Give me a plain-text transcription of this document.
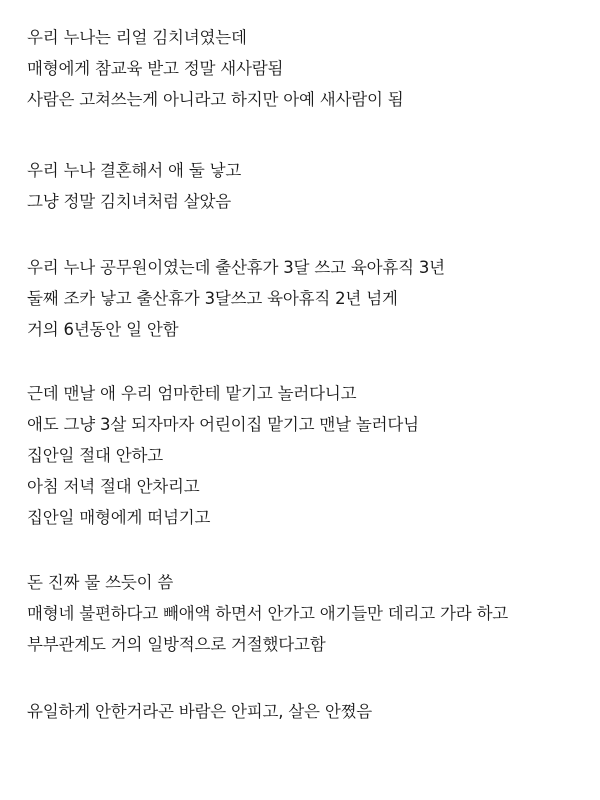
우리 누나는 리얼 김치녀였는데
매형에게 참교육 받고 정말 새사람됨
사람은 고쳐쓰는게 아니라고 하지만 아예 새사람이 됨
우리 누나 결혼해서 애 둘 낳고
그냥 정말 김치녀처럼 살았음
우리 누나 공무원이였는데 출산휴가 3달 쓰고 육아휴직 3년
둘째 조카 낳고 출산휴가 3달쓰고 육아휴직 2년 넘게
거의 6년동안 일 안함
근데 맨날 애 우리 엄마한테 맡기고 놀러다니고
애도 그냥 3살 되자마자 어린이집 맡기고 맨날 놀러다님
집안일 절대 안하고
아침 저녁 절대 안차리고
집안일 매형에게 떠넘기고
돈 진짜 물 쓰듯이 씀
매형네 불편하다고 빼애액 하면서 안가고 애기들만 데리고 가라 하고
부부관계도 거의 일방적으로 거절했다고함
유일하게 안한거라곤 바람은 안피고, 살은 안쪘음
